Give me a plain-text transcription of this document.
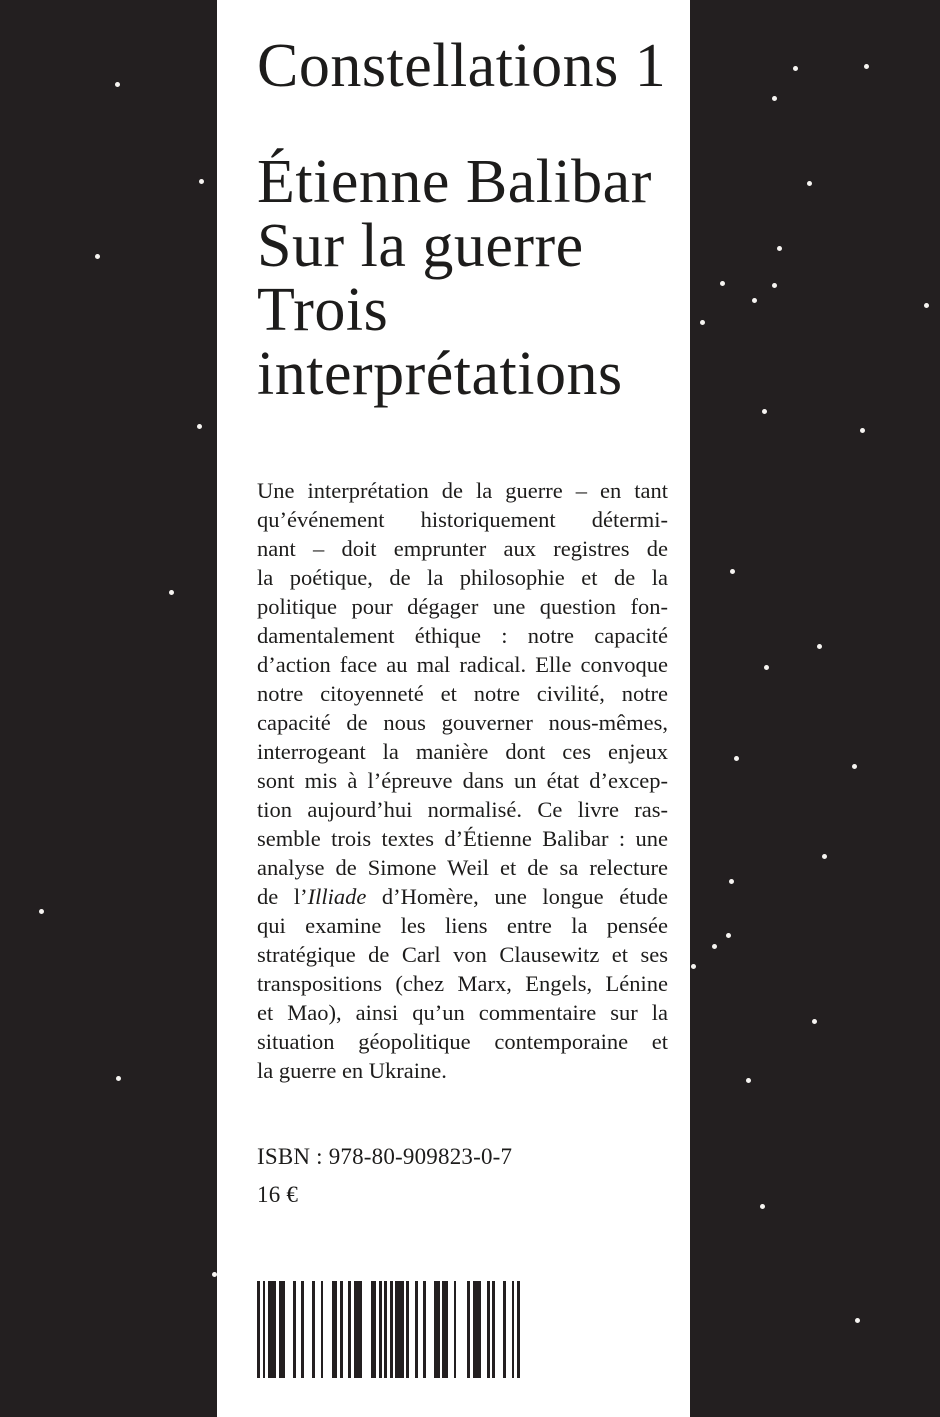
Constellations 1
Étienne Balibar
Sur la guerre
Trois
interprétations
Une interprétation de la guerre – en tant
qu’événement historiquement détermi-
nant – doit emprunter aux registres de
la poétique, de la philosophie et de la
politique pour dégager une question fon-
damentalement éthique : notre capacité
d’action face au mal radical. Elle convoque
notre citoyenneté et notre civilité, notre
capacité de nous gouverner nous-mêmes,
interrogeant la manière dont ces enjeux
sont mis à l’épreuve dans un état d’excep-
tion aujourd’hui normalisé. Ce livre ras-
semble trois textes d’Étienne Balibar : une
analyse de Simone Weil et de sa relecture
de l’Illiade d’Homère, une longue étude
qui examine les liens entre la pensée
stratégique de Carl von Clausewitz et ses
transpositions (chez Marx, Engels, Lénine
et Mao), ainsi qu’un commentaire sur la
situation géopolitique contemporaine et
la guerre en Ukraine.
ISBN : 978-80-909823-0-7
16 €
